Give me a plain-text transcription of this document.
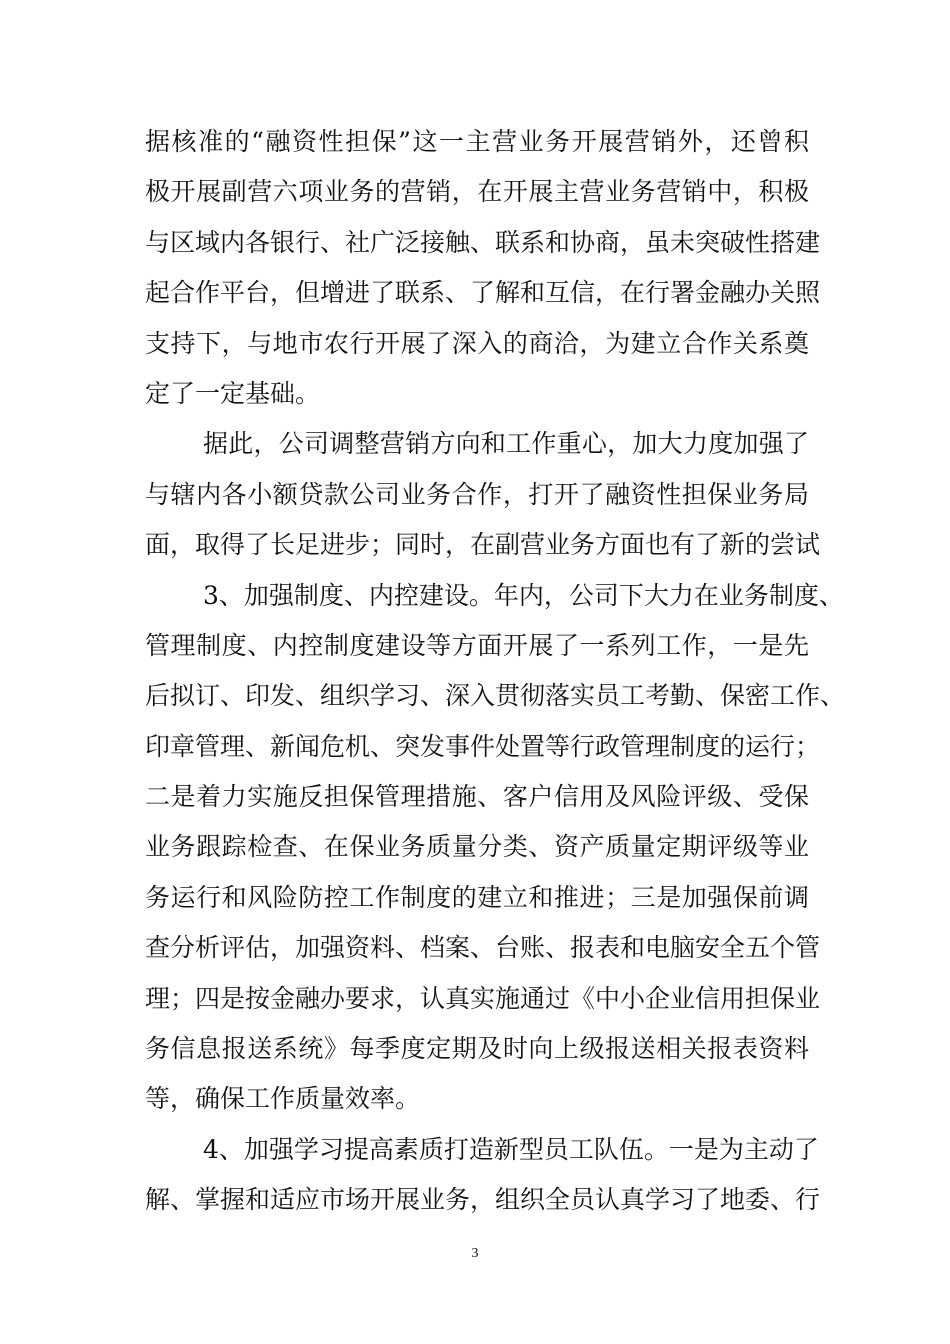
据核准的“融资性担保”这一主营业务开展营销外，还曾积
极开展副营六项业务的营销，在开展主营业务营销中，积极
与区域内各银行、社广泛接触、联系和协商，虽未突破性搭建
起合作平台，但增进了联系、了解和互信，在行署金融办关照
支持下，与地市农行开展了深入的商洽，为建立合作关系奠
定了一定基础。
据此，公司调整营销方向和工作重心，加大力度加强了
与辖内各小额贷款公司业务合作，打开了融资性担保业务局
面，取得了长足进步；同时，在副营业务方面也有了新的尝试
3、加强制度、内控建设。年内，公司下大力在业务制度、
管理制度、内控制度建设等方面开展了一系列工作，一是先
后拟订、印发、组织学习、深入贯彻落实员工考勤、保密工作、
印章管理、新闻危机、突发事件处置等行政管理制度的运行；
二是着力实施反担保管理措施、客户信用及风险评级、受保
业务跟踪检查、在保业务质量分类、资产质量定期评级等业
务运行和风险防控工作制度的建立和推进；三是加强保前调
查分析评估，加强资料、档案、台账、报表和电脑安全五个管
理；四是按金融办要求，认真实施通过《中小企业信用担保业
务信息报送系统》每季度定期及时向上级报送相关报表资料
等，确保工作质量效率。
4、加强学习提高素质打造新型员工队伍。一是为主动了
解、掌握和适应市场开展业务，组织全员认真学习了地委、行
3
